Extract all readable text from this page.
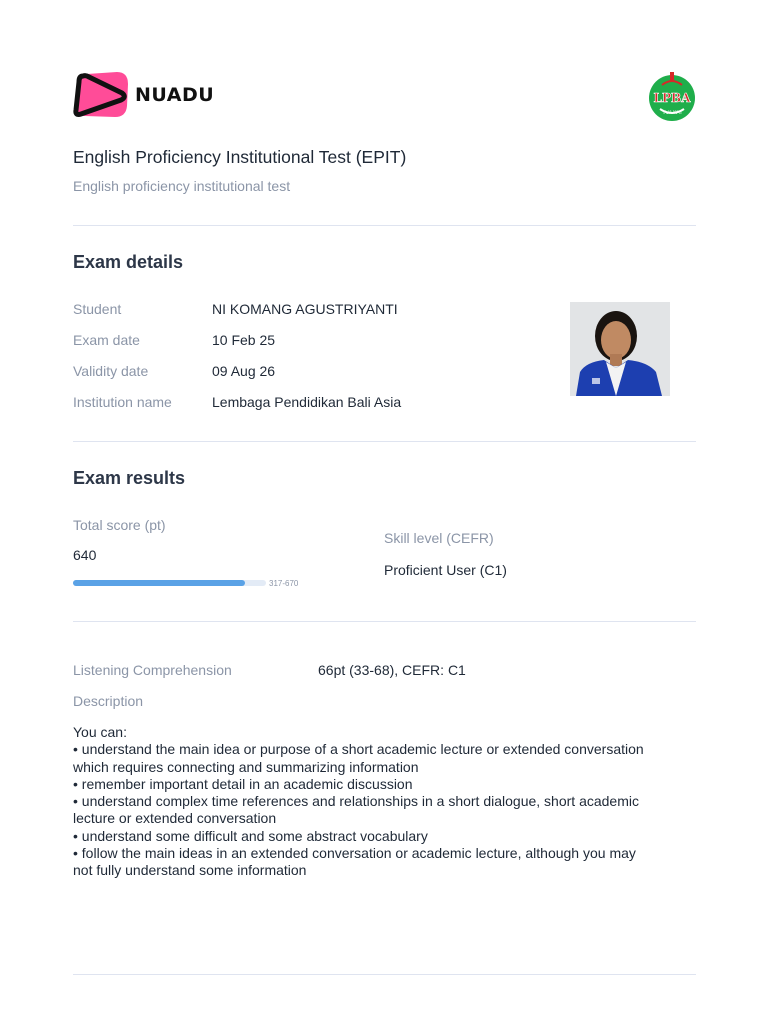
NUADU	LPBA
ᬮᬧᬩ
English Proficiency Institutional Test (EPIT)
English proficiency institutional test
Exam details
Student	NI KOMANG AGUSTRIYANTI
Exam date	10 Feb 25
Validity date	09 Aug 26
Institution name	Lembaga Pendidikan Bali Asia
Exam results
Total score (pt)
640
317-670
Skill level (CEFR)
Proficient User (C1)
Listening Comprehension	66pt (33-68), CEFR: C1
Description
You can:
• understand the main idea or purpose of a short academic lecture or extended conversation
which requires connecting and summarizing information
• remember important detail in an academic discussion
• understand complex time references and relationships in a short dialogue, short academic
lecture or extended conversation
• understand some difficult and some abstract vocabulary
• follow the main ideas in an extended conversation or academic lecture, although you may
not fully understand some information
